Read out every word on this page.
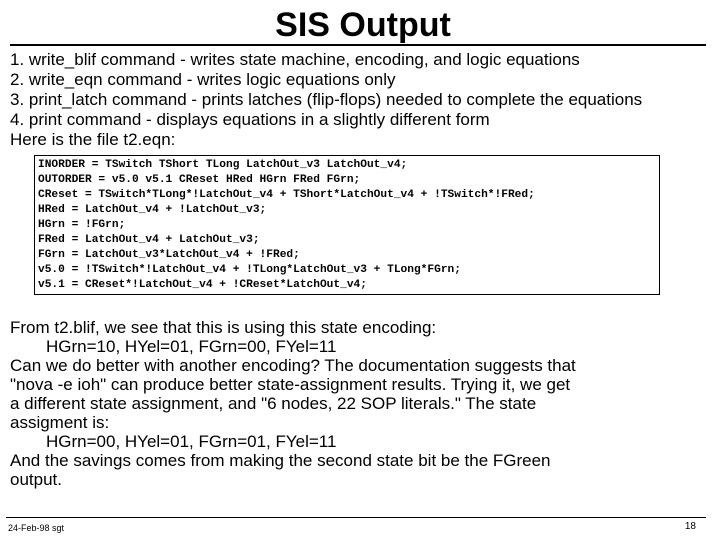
SIS Output
1. write_blif command - writes state machine, encoding, and logic equations
2. write_eqn command - writes logic equations only
3. print_latch command - prints latches (flip-flops) needed to complete the equations
4. print command - displays equations in a slightly different form
Here is the file t2.eqn:
INORDER = TSwitch TShort TLong LatchOut_v3 LatchOut_v4;
OUTORDER = v5.0 v5.1 CReset HRed HGrn FRed FGrn;
CReset = TSwitch*TLong*!LatchOut_v4 + TShort*LatchOut_v4 + !TSwitch*!FRed;
HRed = LatchOut_v4 + !LatchOut_v3;
HGrn = !FGrn;
FRed = LatchOut_v4 + LatchOut_v3;
FGrn = LatchOut_v3*LatchOut_v4 + !FRed;
v5.0 = !TSwitch*!LatchOut_v4 + !TLong*LatchOut_v3 + TLong*FGrn;
v5.1 = CReset*!LatchOut_v4 + !CReset*LatchOut_v4;
From t2.blif, we see that this is using this state encoding:
HGrn=10, HYel=01, FGrn=00, FYel=11
Can we do better with another encoding? The documentation suggests that
"nova -e ioh" can produce better state-assignment results. Trying it, we get
a different state assignment, and "6 nodes, 22 SOP literals." The state
assigment is:
HGrn=00, HYel=01, FGrn=01, FYel=11
And the savings comes from making the second state bit be the FGreen
output.
24-Feb-98 sgt	18
